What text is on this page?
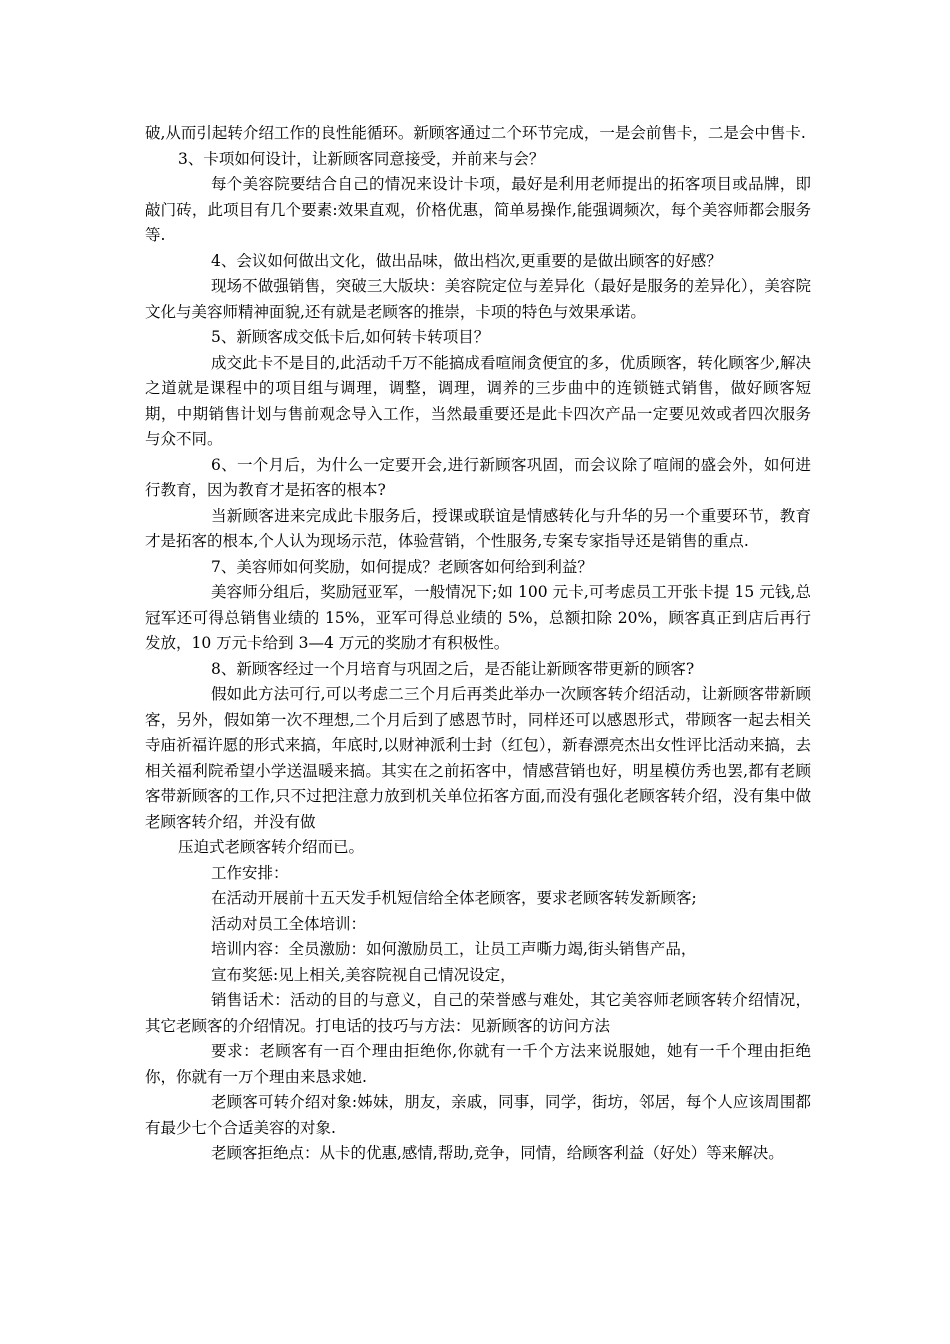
破,从而引起转介绍工作的良性能循环。新顾客通过二个环节完成，一是会前售卡，二是会中售卡.

3、卡项如何设计，让新顾客同意接受，并前来与会？

每个美容院要结合自己的情况来设计卡项，最好是利用老师提出的拓客项目或品牌，即敲门砖，此项目有几个要素:效果直观，价格优惠，简单易操作,能强调频次，每个美容师都会服务等.

4、会议如何做出文化，做出品味，做出档次,更重要的是做出顾客的好感？

现场不做强销售，突破三大版块：美容院定位与差异化（最好是服务的差异化），美容院文化与美容师精神面貌,还有就是老顾客的推崇，卡项的特色与效果承诺。

5、新顾客成交低卡后,如何转卡转项目？

成交此卡不是目的,此活动千万不能搞成看喧闹贪便宜的多，优质顾客，转化顾客少,解决之道就是课程中的项目组与调理，调整，调理，调养的三步曲中的连锁链式销售，做好顾客短期，中期销售计划与售前观念导入工作，当然最重要还是此卡四次产品一定要见效或者四次服务与众不同。

6、一个月后，为什么一定要开会,进行新顾客巩固，而会议除了喧闹的盛会外，如何进行教育，因为教育才是拓客的根本?

当新顾客进来完成此卡服务后，授课或联谊是情感转化与升华的另一个重要环节，教育才是拓客的根本,个人认为现场示范，体验营销，个性服务,专案专家指导还是销售的重点.

7、美容师如何奖励，如何提成？老顾客如何给到利益？

美容师分组后，奖励冠亚军，一般情况下;如 100 元卡,可考虑员工开张卡提 15 元钱,总冠军还可得总销售业绩的 15%，亚军可得总业绩的 5%，总额扣除 20%，顾客真正到店后再行发放，10 万元卡给到 3—4 万元的奖励才有积极性。

8、新顾客经过一个月培育与巩固之后，是否能让新顾客带更新的顾客?

假如此方法可行,可以考虑二三个月后再类此举办一次顾客转介绍活动，让新顾客带新顾客，另外，假如第一次不理想,二个月后到了感恩节时，同样还可以感恩形式，带顾客一起去相关寺庙祈福许愿的形式来搞，年底时,以财神派利士封（红包），新春漂亮杰出女性评比活动来搞，去相关福利院希望小学送温暖来搞。其实在之前拓客中，情感营销也好，明星模仿秀也罢,都有老顾客带新顾客的工作,只不过把注意力放到机关单位拓客方面,而没有强化老顾客转介绍，没有集中做老顾客转介绍，并没有做

压迫式老顾客转介绍而已。

工作安排：

在活动开展前十五天发手机短信给全体老顾客，要求老顾客转发新顾客;

活动对员工全体培训：

培训内容：全员激励：如何激励员工，让员工声嘶力竭,街头销售产品，

宣布奖惩:见上相关,美容院视自己情况设定，

销售话术：活动的目的与意义，自己的荣誉感与难处，其它美容师老顾客转介绍情况，其它老顾客的介绍情况。打电话的技巧与方法：见新顾客的访问方法

要求：老顾客有一百个理由拒绝你,你就有一千个方法来说服她，她有一千个理由拒绝你，你就有一万个理由来恳求她.

老顾客可转介绍对象:姊妹，朋友，亲戚，同事，同学，街坊，邻居，每个人应该周围都有最少七个合适美容的对象.

老顾客拒绝点：从卡的优惠,感情,帮助,竞争，同情，给顾客利益（好处）等来解决。
